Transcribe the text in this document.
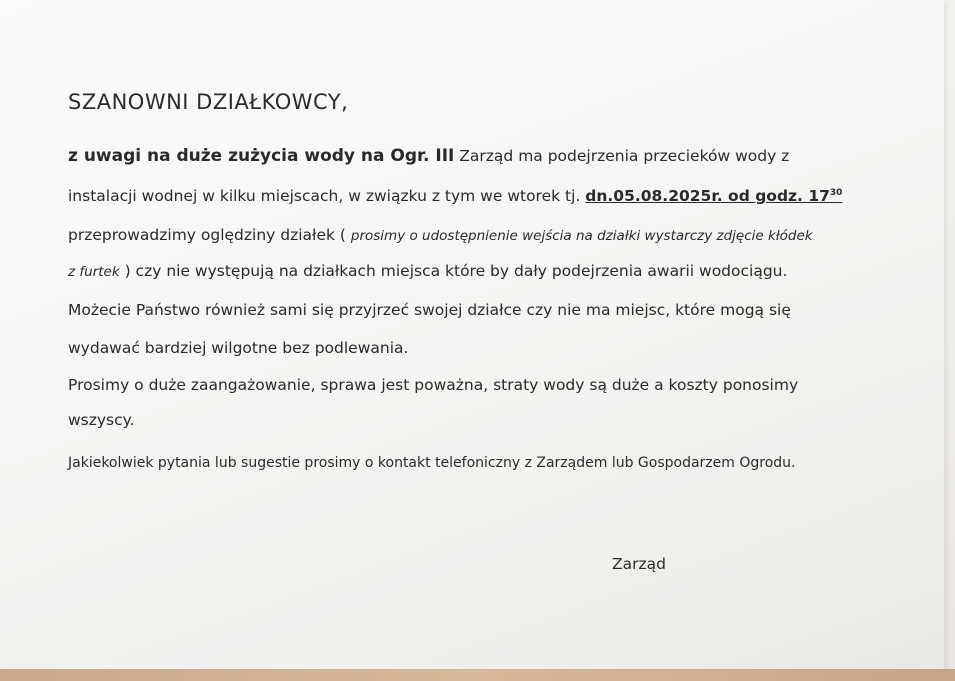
SZANOWNI DZIAŁKOWCY,
z uwagi na duże zużycia wody na Ogr. III Zarząd ma podejrzenia przecieków wody z
instalacji wodnej w kilku miejscach, w związku z tym we wtorek tj. dn.05.08.2025r. od godz. $17^{30}$
przeprowadzimy oględziny działek ( prosimy o udostępnienie wejścia na działki wystarczy zdjęcie kłódek
z furtek ) czy nie występują na działkach miejsca które by dały podejrzenia awarii wodociągu.
Możecie Państwo również sami się przyjrzeć swojej działce czy nie ma miejsc, które mogą się
wydawać bardziej wilgotne bez podlewania.
Prosimy o duże zaangażowanie, sprawa jest poważna, straty wody są duże a koszty ponosimy
wszyscy.
Jakiekolwiek pytania lub sugestie prosimy o kontakt telefoniczny z Zarządem lub Gospodarzem Ogrodu.
Zarząd
